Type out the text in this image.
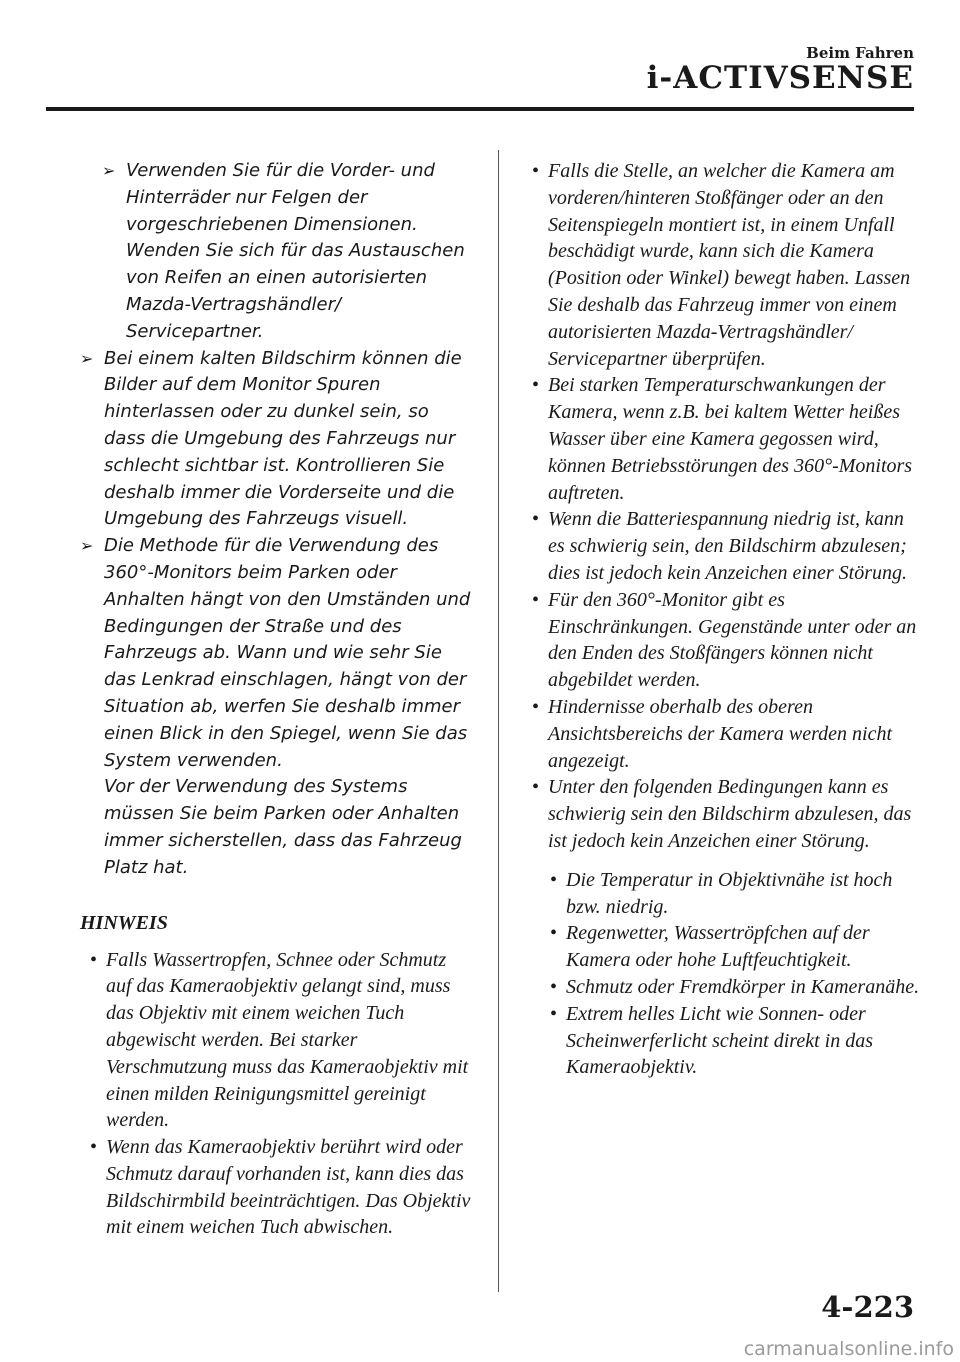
Beim Fahren
i-ACTIVSENSE
➢ Verwenden Sie für die Vorder- und Hinterräder nur Felgen der vorgeschriebenen Dimensionen. Wenden Sie sich für das Austauschen von Reifen an einen autorisierten Mazda-Vertragshändler/ Servicepartner.
➢ Bei einem kalten Bildschirm können die Bilder auf dem Monitor Spuren hinterlassen oder zu dunkel sein, so dass die Umgebung des Fahrzeugs nur schlecht sichtbar ist. Kontrollieren Sie deshalb immer die Vorderseite und die Umgebung des Fahrzeugs visuell.
➢ Die Methode für die Verwendung des 360°-Monitors beim Parken oder Anhalten hängt von den Umständen und Bedingungen der Straße und des Fahrzeugs ab. Wann und wie sehr Sie das Lenkrad einschlagen, hängt von der Situation ab, werfen Sie deshalb immer einen Blick in den Spiegel, wenn Sie das System verwenden.
Vor der Verwendung des Systems müssen Sie beim Parken oder Anhalten immer sicherstellen, dass das Fahrzeug Platz hat.
HINWEIS
• Falls Wassertropfen, Schnee oder Schmutz auf das Kameraobjektiv gelangt sind, muss das Objektiv mit einem weichen Tuch abgewischt werden. Bei starker Verschmutzung muss das Kameraobjektiv mit einen milden Reinigungsmittel gereinigt werden.
• Wenn das Kameraobjektiv berührt wird oder Schmutz darauf vorhanden ist, kann dies das Bildschirmbild beeinträchtigen. Das Objektiv mit einem weichen Tuch abwischen.
• Falls die Stelle, an welcher die Kamera am vorderen/hinteren Stoßfänger oder an den Seitenspiegeln montiert ist, in einem Unfall beschädigt wurde, kann sich die Kamera (Position oder Winkel) bewegt haben. Lassen Sie deshalb das Fahrzeug immer von einem autorisierten Mazda-Vertragshändler/ Servicepartner überprüfen.
• Bei starken Temperaturschwankungen der Kamera, wenn z.B. bei kaltem Wetter heißes Wasser über eine Kamera gegossen wird, können Betriebsstörungen des 360°-Monitors auftreten.
• Wenn die Batteriespannung niedrig ist, kann es schwierig sein, den Bildschirm abzulesen; dies ist jedoch kein Anzeichen einer Störung.
• Für den 360°-Monitor gibt es Einschränkungen. Gegenstände unter oder an den Enden des Stoßfängers können nicht abgebildet werden.
• Hindernisse oberhalb des oberen Ansichtsbereichs der Kamera werden nicht angezeigt.
• Unter den folgenden Bedingungen kann es schwierig sein den Bildschirm abzulesen, das ist jedoch kein Anzeichen einer Störung.
• Die Temperatur in Objektivnähe ist hoch bzw. niedrig.
• Regenwetter, Wassertröpfchen auf der Kamera oder hohe Luftfeuchtigkeit.
• Schmutz oder Fremdkörper in Kameranähe.
• Extrem helles Licht wie Sonnen- oder Scheinwerferlicht scheint direkt in das Kameraobjektiv.
4-223
carmanualsonline.info
